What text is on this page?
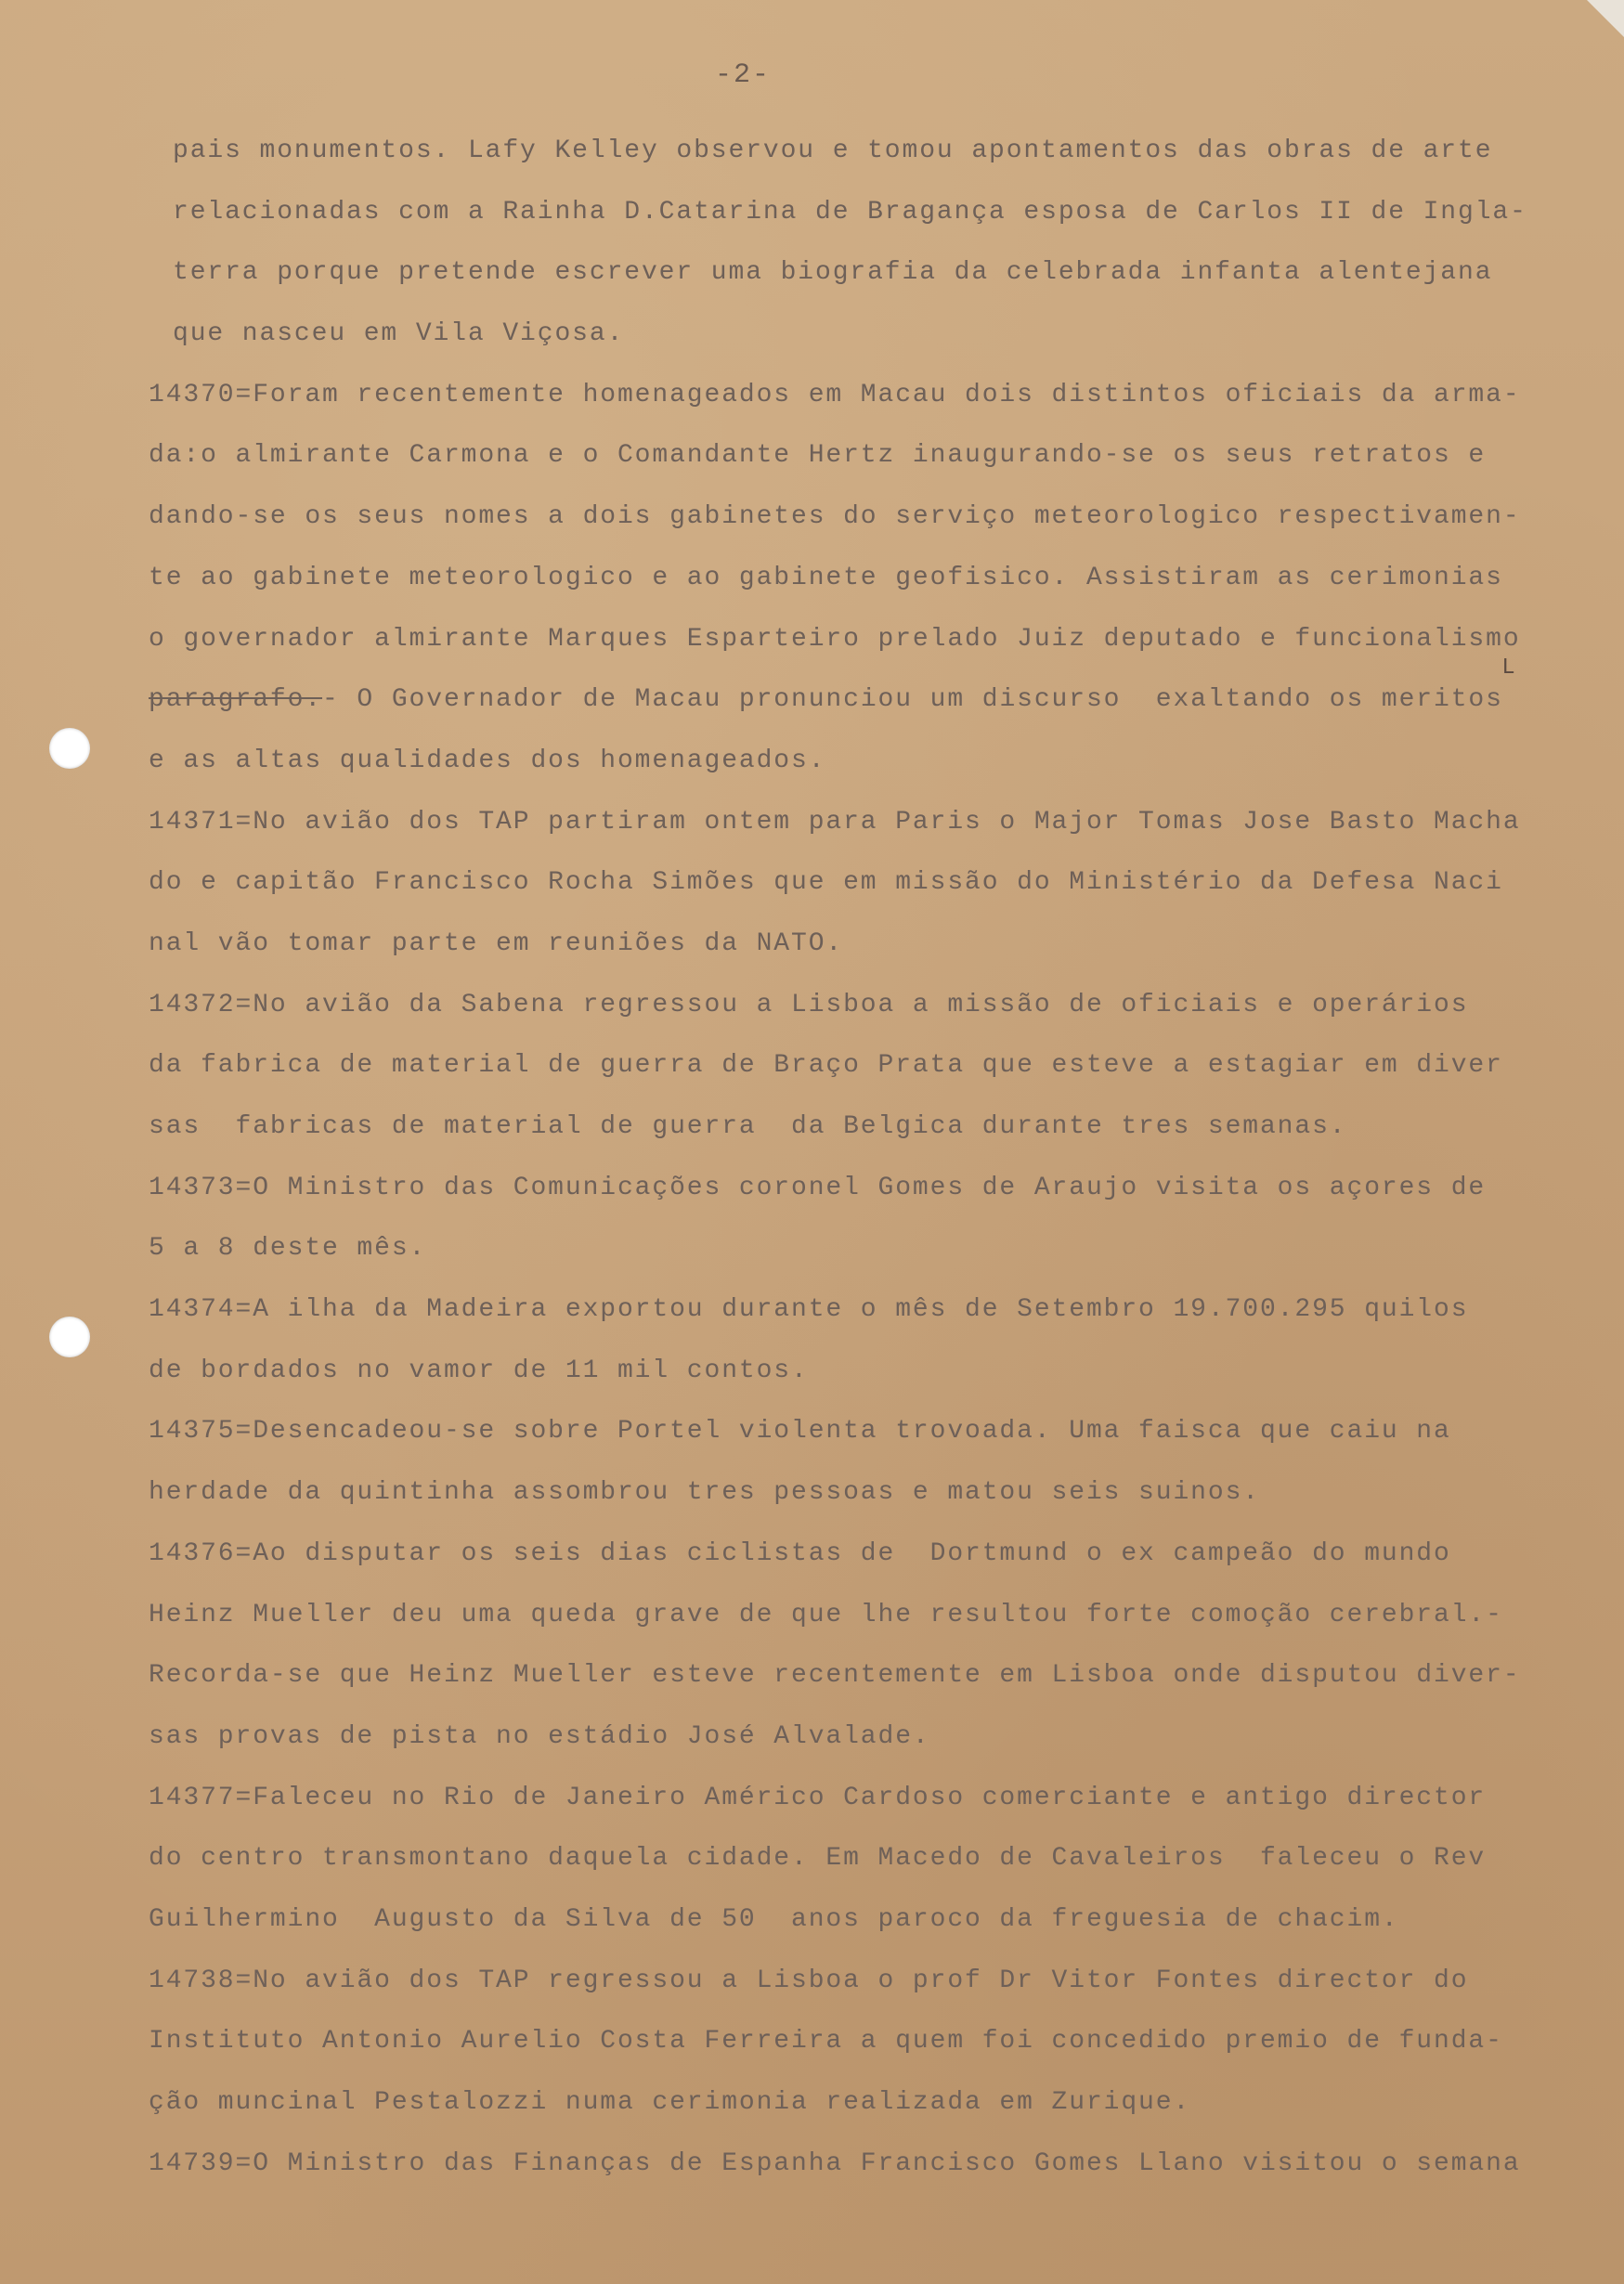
-2-
pais monumentos. Lafy Kelley observou e tomou apontamentos das obras de arte
relacionadas com a Rainha D.Catarina de Bragança esposa de Carlos II de Ingla-
terra porque pretende escrever uma biografia da celebrada infanta alentejana
que nasceu em Vila Viçosa.
14370=Foram recentemente homenageados em Macau dois distintos oficiais da arma-
da:o almirante Carmona e o Comandante Hertz inaugurando-se os seus retratos e
dando-se os seus nomes a dois gabinetes do serviço meteorologico respectivamen-
te ao gabinete meteorologico e ao gabinete geofisico. Assistiram as cerimonias
o governador almirante Marques Esparteiro prelado Juiz deputado e funcionalismo
paragrafo.- O Governador de Macau pronunciou um discurso  exaltando os meritos
e as altas qualidades dos homenageados.
14371=No avião dos TAP partiram ontem para Paris o Major Tomas Jose Basto Macha
do e capitão Francisco Rocha Simões que em missão do Ministério da Defesa Naci
nal vão tomar parte em reuniões da NATO.
14372=No avião da Sabena regressou a Lisboa a missão de oficiais e operários
da fabrica de material de guerra de Braço Prata que esteve a estagiar em diver
sas  fabricas de material de guerra  da Belgica durante tres semanas.
14373=O Ministro das Comunicações coronel Gomes de Araujo visita os açores de
5 a 8 deste mês.
14374=A ilha da Madeira exportou durante o mês de Setembro 19.700.295 quilos
de bordados no vamor de 11 mil contos.
14375=Desencadeou-se sobre Portel violenta trovoada. Uma faisca que caiu na
herdade da quintinha assombrou tres pessoas e matou seis suinos.
14376=Ao disputar os seis dias ciclistas de  Dortmund o ex campeão do mundo
Heinz Mueller deu uma queda grave de que lhe resultou forte comoção cerebral.-
Recorda-se que Heinz Mueller esteve recentemente em Lisboa onde disputou diver-
sas provas de pista no estádio José Alvalade.
14377=Faleceu no Rio de Janeiro Américo Cardoso comerciante e antigo director
do centro transmontano daquela cidade. Em Macedo de Cavaleiros  faleceu o Rev
Guilhermino  Augusto da Silva de 50  anos paroco da freguesia de chacim.
14738=No avião dos TAP regressou a Lisboa o prof Dr Vitor Fontes director do
Instituto Antonio Aurelio Costa Ferreira a quem foi concedido premio de funda-
ção muncinal Pestalozzi numa cerimonia realizada em Zurique.
14739=O Ministro das Finanças de Espanha Francisco Gomes Llano visitou o semana
ᒪ
